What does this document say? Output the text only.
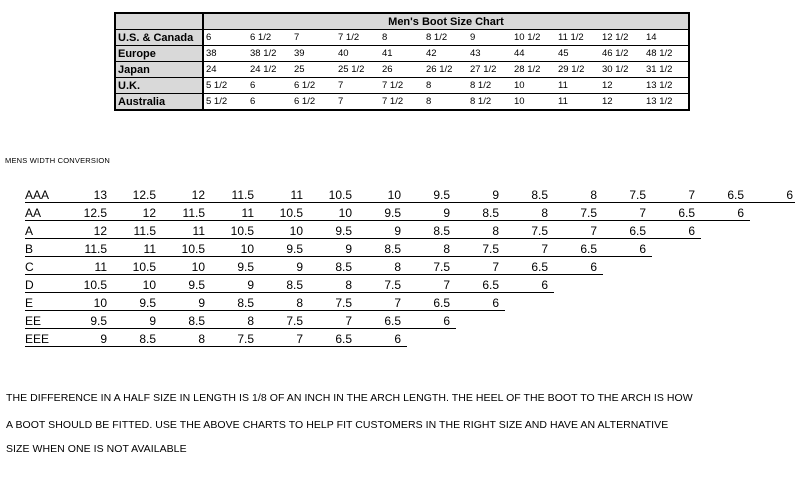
	Men's Boot Size Chart										
U.S. & Canada	6	6 1/2	7	7 1/2	8	8 1/2	9	10 1/2	11 1/2	12 1/2	14
Europe	38	38 1/2	39	40	41	42	43	44	45	46 1/2	48 1/2
Japan	24	24 1/2	25	25 1/2	26	26 1/2	27 1/2	28 1/2	29 1/2	30 1/2	31 1/2
U.K.	5 1/2	6	6 1/2	7	7 1/2	8	8 1/2	10	11	12	13 1/2
Australia	5 1/2	6	6 1/2	7	7 1/2	8	8 1/2	10	11	12	13 1/2
MENS WIDTH CONVERSION
AAA	13	12.5	12	11.5	11	10.5	10	9.5	9	8.5	8	7.5	7	6.5	6
AA	12.5	12	11.5	11	10.5	10	9.5	9	8.5	8	7.5	7	6.5	6
A	12	11.5	11	10.5	10	9.5	9	8.5	8	7.5	7	6.5	6
B	11.5	11	10.5	10	9.5	9	8.5	8	7.5	7	6.5	6
C	11	10.5	10	9.5	9	8.5	8	7.5	7	6.5	6
D	10.5	10	9.5	9	8.5	8	7.5	7	6.5	6
E	10	9.5	9	8.5	8	7.5	7	6.5	6
EE	9.5	9	8.5	8	7.5	7	6.5	6
EEE	9	8.5	8	7.5	7	6.5	6
THE DIFFERENCE IN A HALF SIZE IN LENGTH IS 1/8 OF AN INCH IN THE ARCH LENGTH. THE HEEL OF THE BOOT TO THE ARCH IS HOW
A BOOT SHOULD BE FITTED. USE THE ABOVE CHARTS TO HELP FIT CUSTOMERS IN THE RIGHT SIZE AND HAVE AN ALTERNATIVE
SIZE WHEN ONE IS NOT AVAILABLE
